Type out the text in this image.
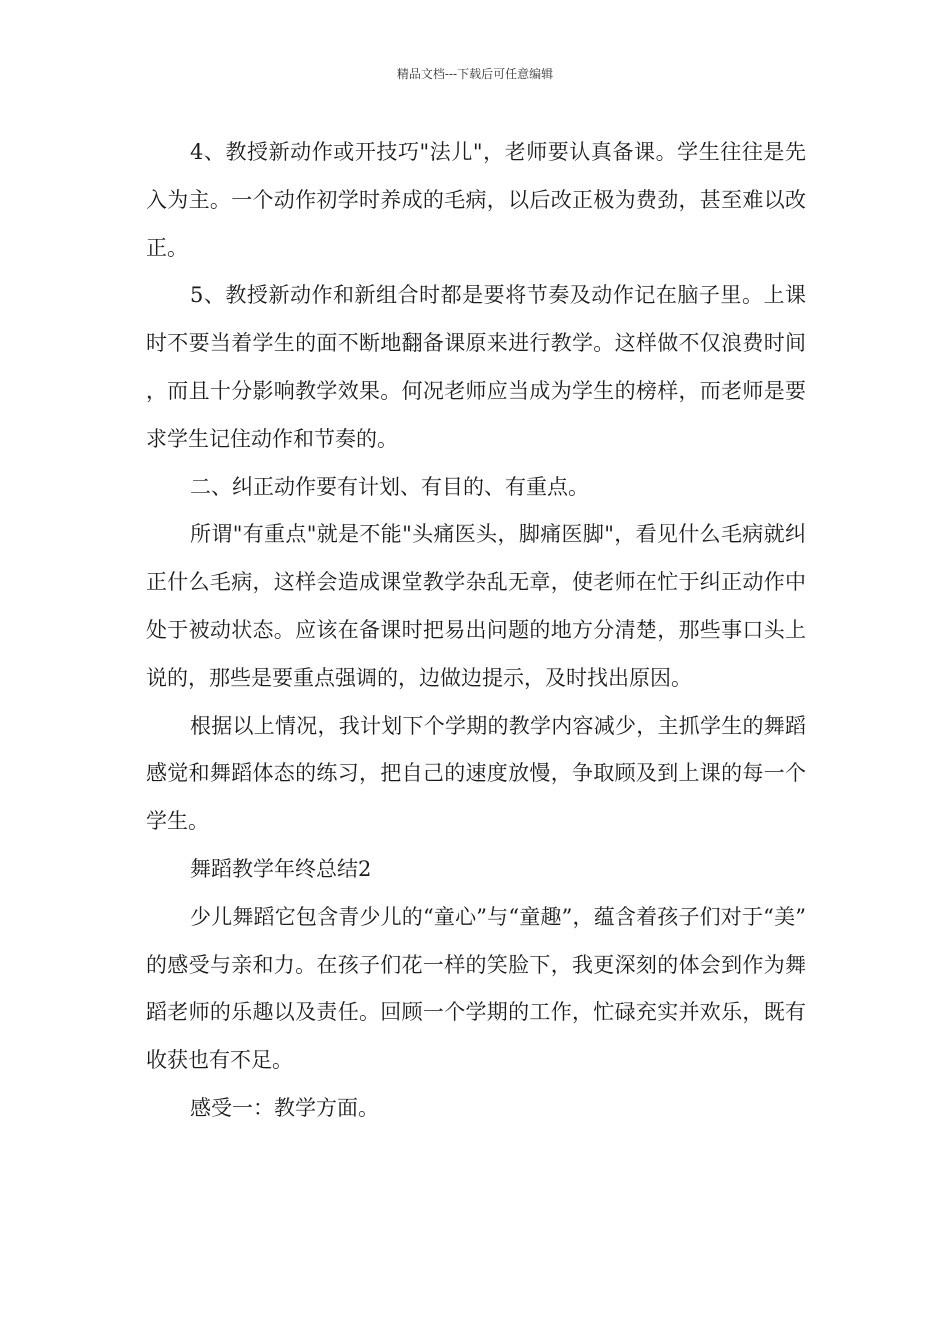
精品文档---下载后可任意编辑

4、教授新动作或开技巧"法儿"，老师要认真备课。学生往往是先入为主。一个动作初学时养成的毛病，以后改正极为费劲，甚至难以改正。

5、教授新动作和新组合时都是要将节奏及动作记在脑子里。上课时不要当着学生的面不断地翻备课原来进行教学。这样做不仅浪费时间，而且十分影响教学效果。何况老师应当成为学生的榜样，而老师是要求学生记住动作和节奏的。

二、纠正动作要有计划、有目的、有重点。

所谓"有重点"就是不能"头痛医头，脚痛医脚"，看见什么毛病就纠正什么毛病，这样会造成课堂教学杂乱无章，使老师在忙于纠正动作中处于被动状态。应该在备课时把易出问题的地方分清楚，那些事口头上说的，那些是要重点强调的，边做边提示，及时找出原因。

根据以上情况，我计划下个学期的教学内容减少，主抓学生的舞蹈感觉和舞蹈体态的练习，把自己的速度放慢，争取顾及到上课的每一个学生。

舞蹈教学年终总结2

少儿舞蹈它包含青少儿的“童心”与“童趣”，蕴含着孩子们对于“美”的感受与亲和力。在孩子们花一样的笑脸下，我更深刻的体会到作为舞蹈老师的乐趣以及责任。回顾一个学期的工作，忙碌充实并欢乐，既有收获也有不足。

感受一：教学方面。
